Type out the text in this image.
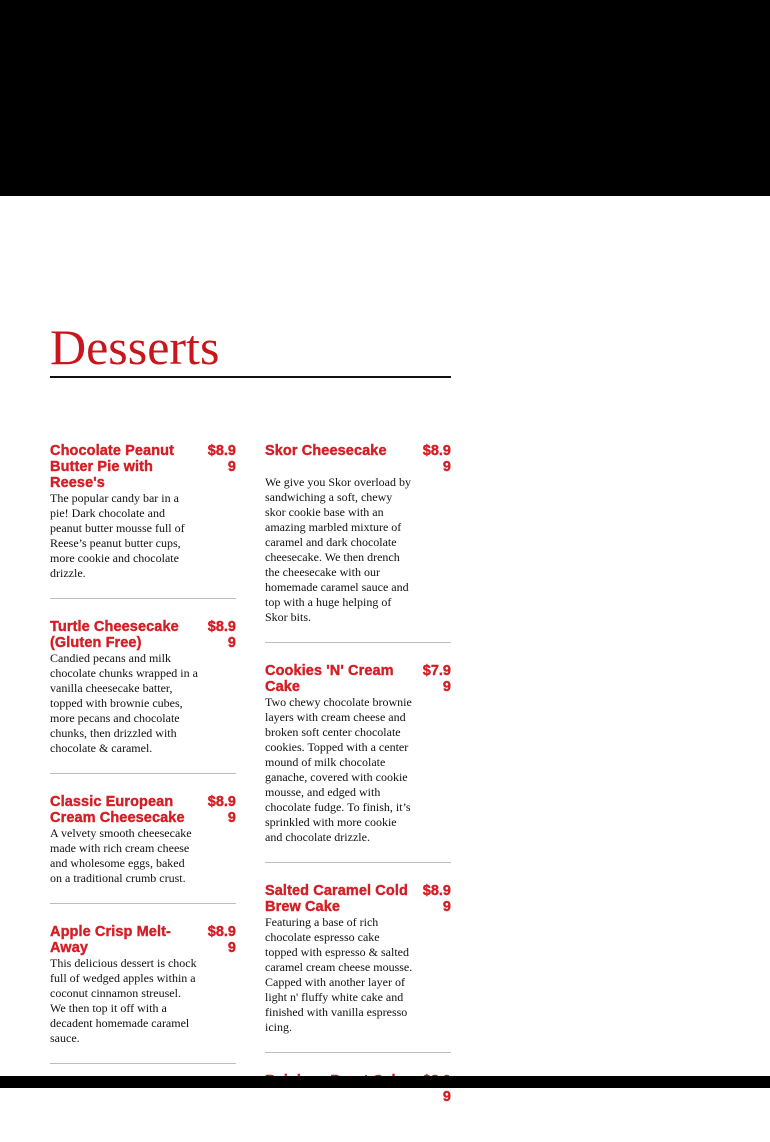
Desserts
Chocolate Peanut Butter Pie with Reese's
$8.99

The popular candy bar in a pie! Dark chocolate and peanut butter mousse full of Reese’s peanut butter cups, more cookie and chocolate drizzle.

Turtle Cheesecake (Gluten Free)
$8.99

Candied pecans and milk chocolate chunks wrapped in a vanilla cheesecake batter, topped with brownie cubes, more pecans and chocolate chunks, then drizzled with chocolate & caramel.

Classic European Cream Cheesecake
$8.99

A velvety smooth cheesecake made with rich cream cheese and wholesome eggs, baked on a traditional crumb crust.

Apple Crisp Melt-Away
$8.99

This delicious dessert is chock full of wedged apples within a coconut cinnamon streusel. We then top it off with a decadent homemade caramel sauce.

Skor Cheesecake	$8.99

We give you Skor overload by sandwiching a soft, chewy skor cookie base with an amazing marbled mixture of caramel and dark chocolate cheesecake. We then drench the cheesecake with our homemade caramel sauce and top with a huge helping of Skor bits.

Cookies 'N' Cream Cake
$7.99

Two chewy chocolate brownie layers with cream cheese and broken soft center chocolate cookies. Topped with a center mound of milk chocolate ganache, covered with cookie mousse, and edged with chocolate fudge. To finish, it’s sprinkled with more cookie and chocolate drizzle.

Salted Caramel Cold Brew Cake
$8.99

Featuring a base of rich chocolate espresso cake topped with espresso & salted caramel cream cheese mousse. Capped with another layer of light n' fluffy white cake and finished with vanilla espresso icing.

9
